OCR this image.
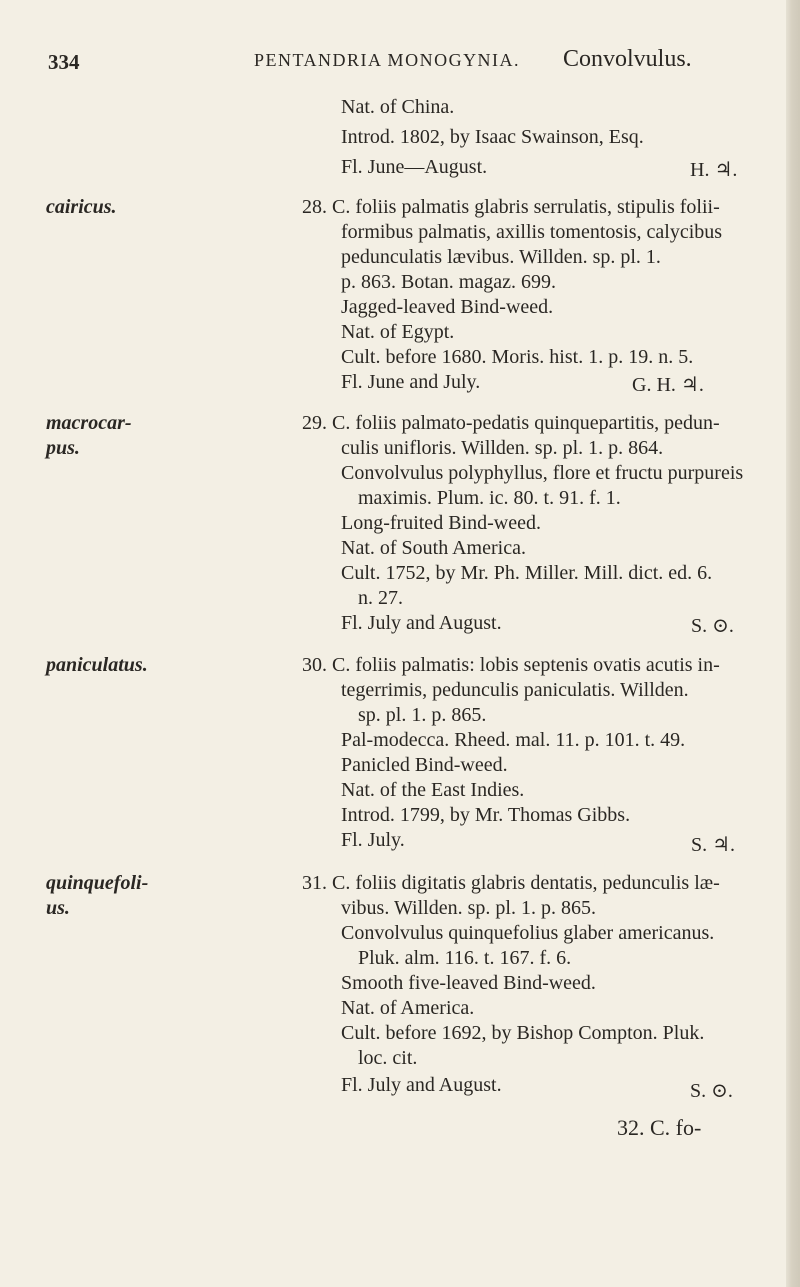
334	PENTANDRIA MONOGYNIA. Convolvulus.
Nat. of China.
Introd. 1802, by Isaac Swainson, Esq.
Fl. June—August.	H. ♃.
cairicus.	28. C. foliis palmatis glabris serrulatis, stipulis folii-
formibus palmatis, axillis tomentosis, calycibus
pedunculatis lævibus. Willden. sp. pl. 1.
p. 863. Botan. magaz. 699.
Jagged-leaved Bind-weed.
Nat. of Egypt.
Cult. before 1680. Moris. hist. 1. p. 19. n. 5.
Fl. June and July.	G. H. ♃.
macrocar-
pus.
29. C. foliis palmato-pedatis quinquepartitis, pedun-
culis unifloris. Willden. sp. pl. 1. p. 864.
Convolvulus polyphyllus, flore et fructu purpureis
maximis. Plum. ic. 80. t. 91. f. 1.
Long-fruited Bind-weed.
Nat. of South America.
Cult. 1752, by Mr. Ph. Miller. Mill. dict. ed. 6.
n. 27.
Fl. July and August.	S. ⊙.
paniculatus.	30. C. foliis palmatis: lobis septenis ovatis acutis in-
tegerrimis, pedunculis paniculatis. Willden.
sp. pl. 1. p. 865.
Pal-modecca. Rheed. mal. 11. p. 101. t. 49.
Panicled Bind-weed.
Nat. of the East Indies.
Introd. 1799, by Mr. Thomas Gibbs.
Fl. July.	S. ♃.
quinquefoli-
us.
31. C. foliis digitatis glabris dentatis, pedunculis læ-
vibus. Willden. sp. pl. 1. p. 865.
Convolvulus quinquefolius glaber americanus.
Pluk. alm. 116. t. 167. f. 6.
Smooth five-leaved Bind-weed.
Nat. of America.
Cult. before 1692, by Bishop Compton. Pluk.
loc. cit.
Fl. July and August.	S. ⊙.
32. C. fo-
